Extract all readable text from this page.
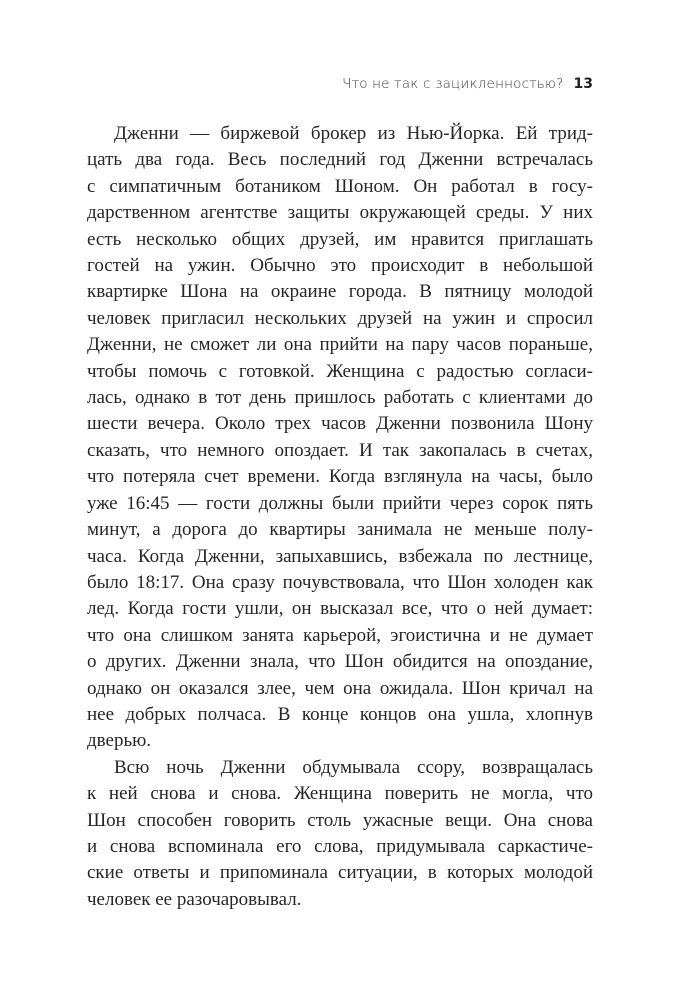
Что не так с зацикленностью? 13

Дженни — биржевой брокер из Нью-Йорка. Ей трид-
цать два года. Весь последний год Дженни встречалась
с симпатичным ботаником Шоном. Он работал в госу-
дарственном агентстве защиты окружающей среды. У них
есть несколько общих друзей, им нравится приглашать
гостей на ужин. Обычно это происходит в небольшой
квартирке Шона на окраине города. В пятницу молодой
человек пригласил нескольких друзей на ужин и спросил
Дженни, не сможет ли она прийти на пару часов пораньше,
чтобы помочь с готовкой. Женщина с радостью согласи-
лась, однако в тот день пришлось работать с клиентами до
шести вечера. Около трех часов Дженни позвонила Шону
сказать, что немного опоздает. И так закопалась в счетах,
что потеряла счет времени. Когда взглянула на часы, было
уже 16:45 — гости должны были прийти через сорок пять
минут, а дорога до квартиры занимала не меньше полу-
часа. Когда Дженни, запыхавшись, взбежала по лестнице,
было 18:17. Она сразу почувствовала, что Шон холоден как
лед. Когда гости ушли, он высказал все, что о ней думает:
что она слишком занята карьерой, эгоистична и не думает
о других. Дженни знала, что Шон обидится на опоздание,
однако он оказался злее, чем она ожидала. Шон кричал на
нее добрых полчаса. В конце концов она ушла, хлопнув
дверью.

Всю ночь Дженни обдумывала ссору, возвращалась
к ней снова и снова. Женщина поверить не могла, что
Шон способен говорить столь ужасные вещи. Она снова
и снова вспоминала его слова, придумывала саркастиче-
ские ответы и припоминала ситуации, в которых молодой
человек ее разочаровывал.
